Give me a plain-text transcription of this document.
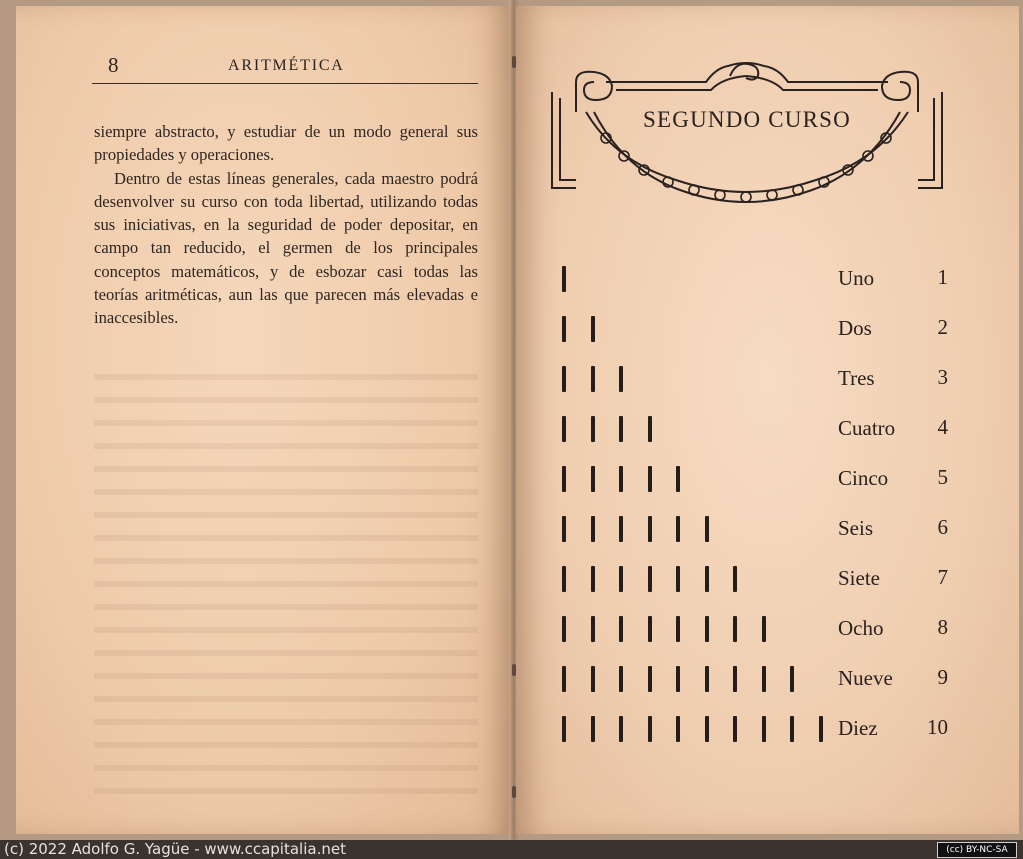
8	ARITMÉTICA

siempre abstracto, y estudiar de un modo general sus propiedades y operaciones.

Dentro de estas líneas generales, cada maestro podrá desenvolver su curso con toda libertad, utilizando todas sus iniciativas, en la seguridad de poder depositar, en campo tan reducido, el germen de los principales conceptos matemáticos, y de esbozar casi todas las teorías aritméticas, aun las que parecen más elevadas e inaccesibles.

SEGUNDO CURSO
Uno	1
Dos	2
Tres	3
Cuatro	4
Cinco	5
Seis	6
Siete	7
Ocho	8
Nueve	9
Diez	10
(c) 2022 Adolfo G. Yagüe - www.ccapitalia.net	(cc) BY-NC-SA
